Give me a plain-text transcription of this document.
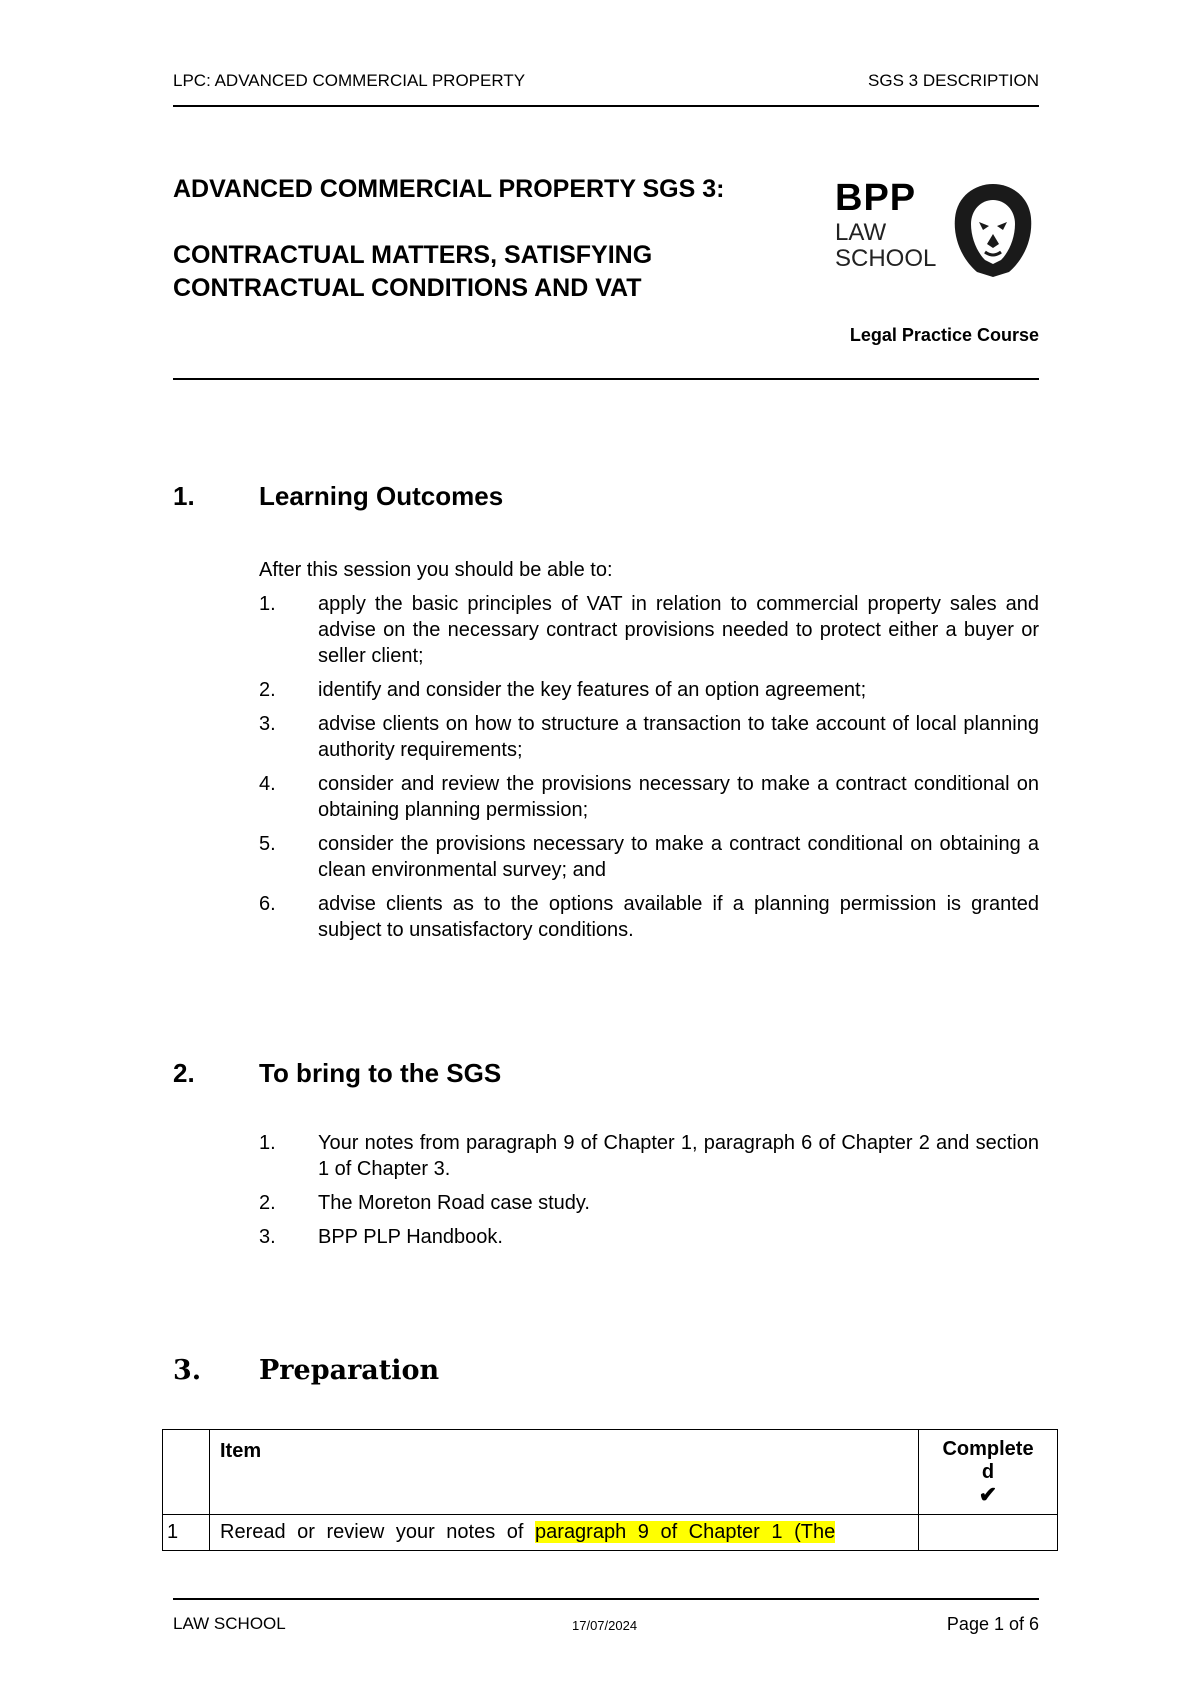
LPC: ADVANCED COMMERCIAL PROPERTY	SGS 3 DESCRIPTION
ADVANCED COMMERCIAL PROPERTY SGS 3:
CONTRACTUAL MATTERS, SATISFYING
CONTRACTUAL CONDITIONS AND VAT
BPP
LAW
SCHOOL
Legal Practice Course
1. Learning Outcomes
After this session you should be able to:
1. apply the basic principles of VAT in relation to commercial property sales and advise on the necessary contract provisions needed to protect either a buyer or seller client;
2. identify and consider the key features of an option agreement;
3. advise clients on how to structure a transaction to take account of local planning authority requirements;
4. consider and review the provisions necessary to make a contract conditional on obtaining planning permission;
5. consider the provisions necessary to make a contract conditional on obtaining a clean environmental survey; and
6. advise clients as to the options available if a planning permission is granted subject to unsatisfactory conditions.
2. To bring to the SGS
1. Your notes from paragraph 9 of Chapter 1, paragraph 6 of Chapter 2 and section 1 of Chapter 3.
2. The Moreton Road case study.
3. BPP PLP Handbook.
3. Preparation
	Item	Complete
d
✔

1	Reread or review your notes of paragraph 9 of Chapter 1 (The	
LAW SCHOOL	17/07/2024	Page 1 of 6
